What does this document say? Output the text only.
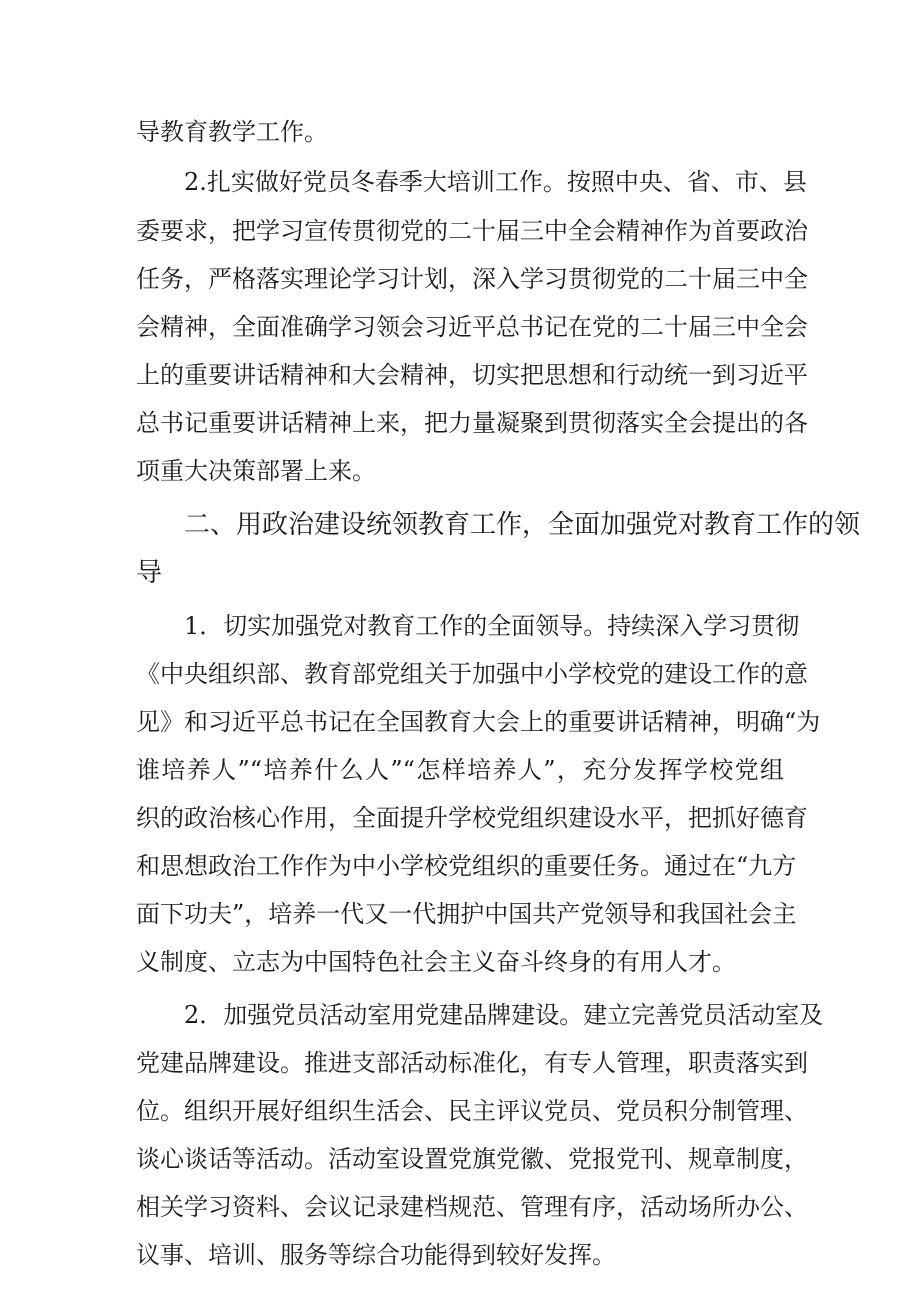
导教育教学工作。

2.扎实做好党员冬春季大培训工作。按照中央、省、市、县

委要求，把学习宣传贯彻党的二十届三中全会精神作为首要政治

任务，严格落实理论学习计划，深入学习贯彻党的二十届三中全

会精神，全面准确学习领会习近平总书记在党的二十届三中全会

上的重要讲话精神和大会精神，切实把思想和行动统一到习近平

总书记重要讲话精神上来，把力量凝聚到贯彻落实全会提出的各

项重大决策部署上来。

二、用政治建设统领教育工作，全面加强党对教育工作的领

导

1．切实加强党对教育工作的全面领导。持续深入学习贯彻

《中央组织部、教育部党组关于加强中小学校党的建设工作的意

见》和习近平总书记在全国教育大会上的重要讲话精神，明确“为

谁培养人”“培养什么人”“怎样培养人”，充分发挥学校党组

织的政治核心作用，全面提升学校党组织建设水平，把抓好德育

和思想政治工作作为中小学校党组织的重要任务。通过在“九方

面下功夫”，培养一代又一代拥护中国共产党领导和我国社会主

义制度、立志为中国特色社会主义奋斗终身的有用人才。

2．加强党员活动室用党建品牌建设。建立完善党员活动室及

党建品牌建设。推进支部活动标准化，有专人管理，职责落实到

位。组织开展好组织生活会、民主评议党员、党员积分制管理、

谈心谈话等活动。活动室设置党旗党徽、党报党刊、规章制度，

相关学习资料、会议记录建档规范、管理有序，活动场所办公、

议事、培训、服务等综合功能得到较好发挥。
